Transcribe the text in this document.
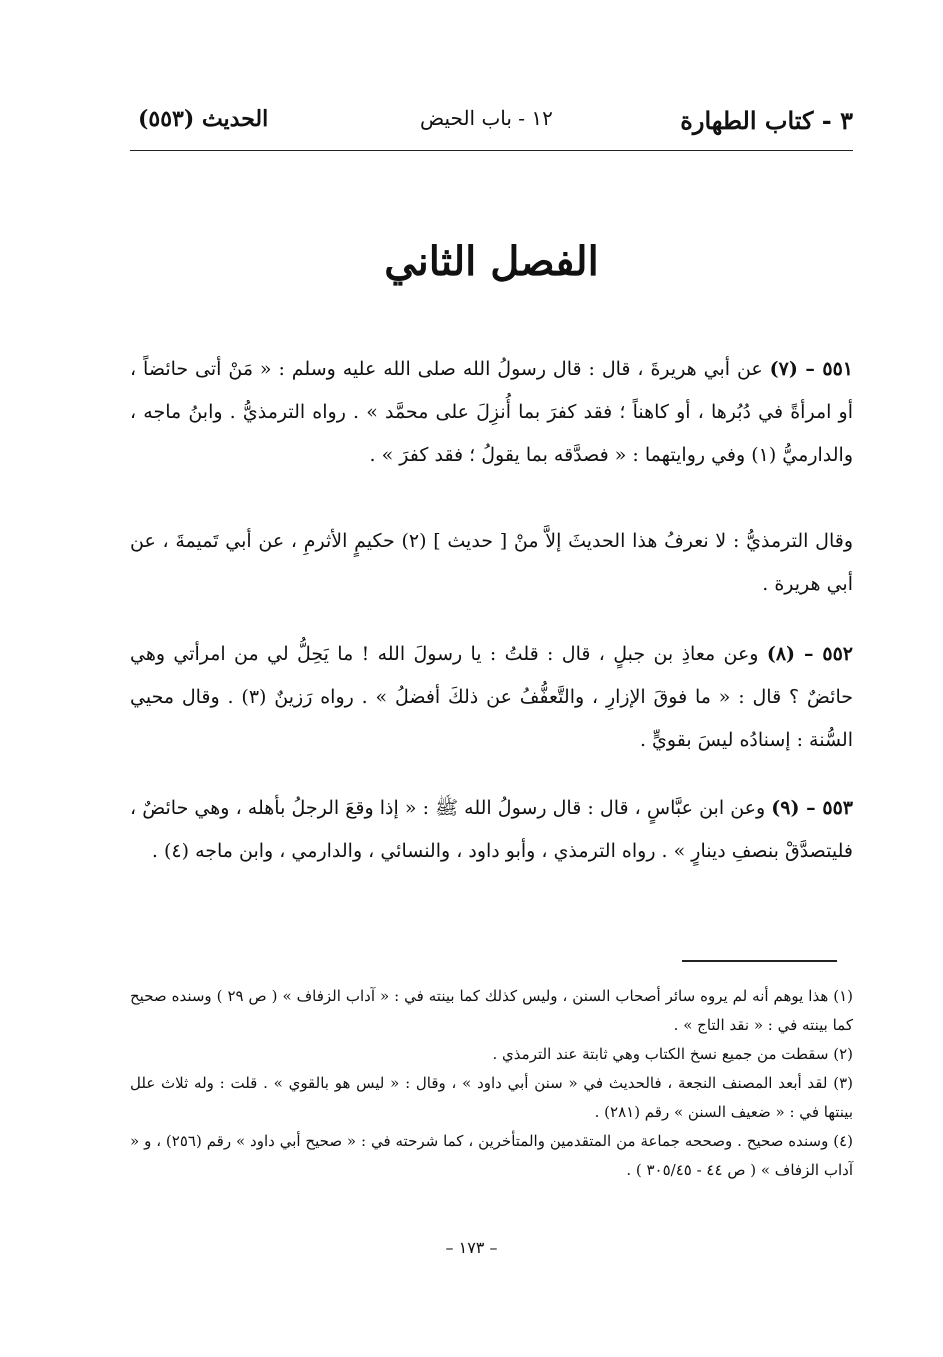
٣ - كتاب الطهارة
١٢ - باب الحيض
الحديث (٥٥٣)
الفصل الثاني

٥٥١ – (٧) عن أبي هريرةَ ، قال : قال رسولُ الله صلى الله عليه وسلم : « مَنْ أتى حائضاً ، أو امرأةً في دُبُرها ، أو كاهناً ؛ فقد كفرَ بما أُنزِلَ على محمَّد » . رواه الترمذيُّ . وابنُ ماجه ، والدارميُّ (١) وفي روايتهما : « فصدَّقه بما يقولُ ؛ فقد كفرَ » .

وقال الترمذيُّ : لا نعرفُ هذا الحديثَ إلاَّ منْ [ حديث ] (٢) حكيمٍ الأثرمِ ، عن أبي تَميمةَ ، عن أبي هريرة .

٥٥٢ – (٨) وعن معاذِ بن جبلٍ ، قال : قلتُ : يا رسولَ الله ! ما يَحِلُّ لي من امرأتي وهي حائضٌ ؟ قال : « ما فوقَ الإزارِ ، والتَّعفُّفُ عن ذلكَ أفضلُ » . رواه رَزينٌ (٣) . وقال محيي السُّنة : إسنادُه ليسَ بقويٍّ .

٥٥٣ – (٩) وعن ابن عبَّاسٍ ، قال : قال رسولُ الله ﷺ : « إذا وقعَ الرجلُ بأهله ، وهي حائضٌ ، فليتصدَّقْ بنصفِ دينارٍ » . رواه الترمذي ، وأبو داود ، والنسائي ، والدارمي ، وابن ماجه (٤) .

(١) هذا يوهم أنه لم يروه سائر أصحاب السنن ، وليس كذلك كما بينته في : « آداب الزفاف » ( ص ٢٩ ) وسنده صحيح كما بينته في : « نقد التاج » .
(٢) سقطت من جميع نسخ الكتاب وهي ثابتة عند الترمذي .
(٣) لقد أبعد المصنف النجعة ، فالحديث في « سنن أبي داود » ، وقال : « ليس هو بالقوي » . قلت : وله ثلاث علل بينتها في : « ضعيف السنن » رقم (٢٨١) .
(٤) وسنده صحيح . وصححه جماعة من المتقدمين والمتأخرين ، كما شرحته في : « صحيح أبي داود » رقم (٢٥٦) ، و « آداب الزفاف » ( ص ٤٤ - ٣٠٥/٤٥ ) .
– ١٧٣ –
